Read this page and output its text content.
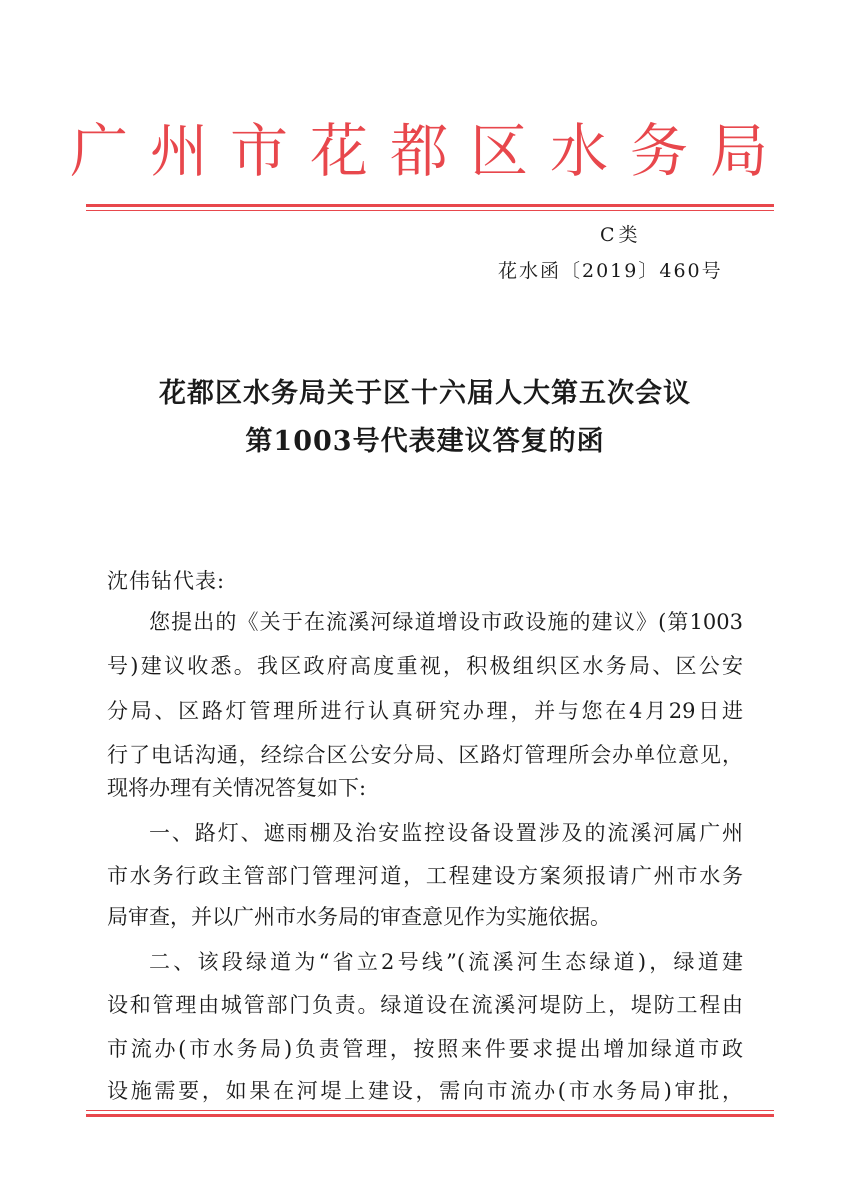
广州市花都区水务局
C类
花水函〔2019〕460号
花都区水务局关于区十六届人大第五次会议
第1003号代表建议答复的函
沈伟钻代表:
您提出的《关于在流溪河绿道增设市政设施的建议》(第1003
号)建议收悉。我区政府高度重视，积极组织区水务局、区公安
分局、区路灯管理所进行认真研究办理，并与您在4月29日进
行了电话沟通，经综合区公安分局、区路灯管理所会办单位意见，
现将办理有关情况答复如下:
一、路灯、遮雨棚及治安监控设备设置涉及的流溪河属广州
市水务行政主管部门管理河道，工程建设方案须报请广州市水务
局审查，并以广州市水务局的审查意见作为实施依据。
二、该段绿道为“省立2号线”(流溪河生态绿道)，绿道建
设和管理由城管部门负责。绿道设在流溪河堤防上，堤防工程由
市流办(市水务局)负责管理，按照来件要求提出增加绿道市政
设施需要，如果在河堤上建设，需向市流办(市水务局)审批，
